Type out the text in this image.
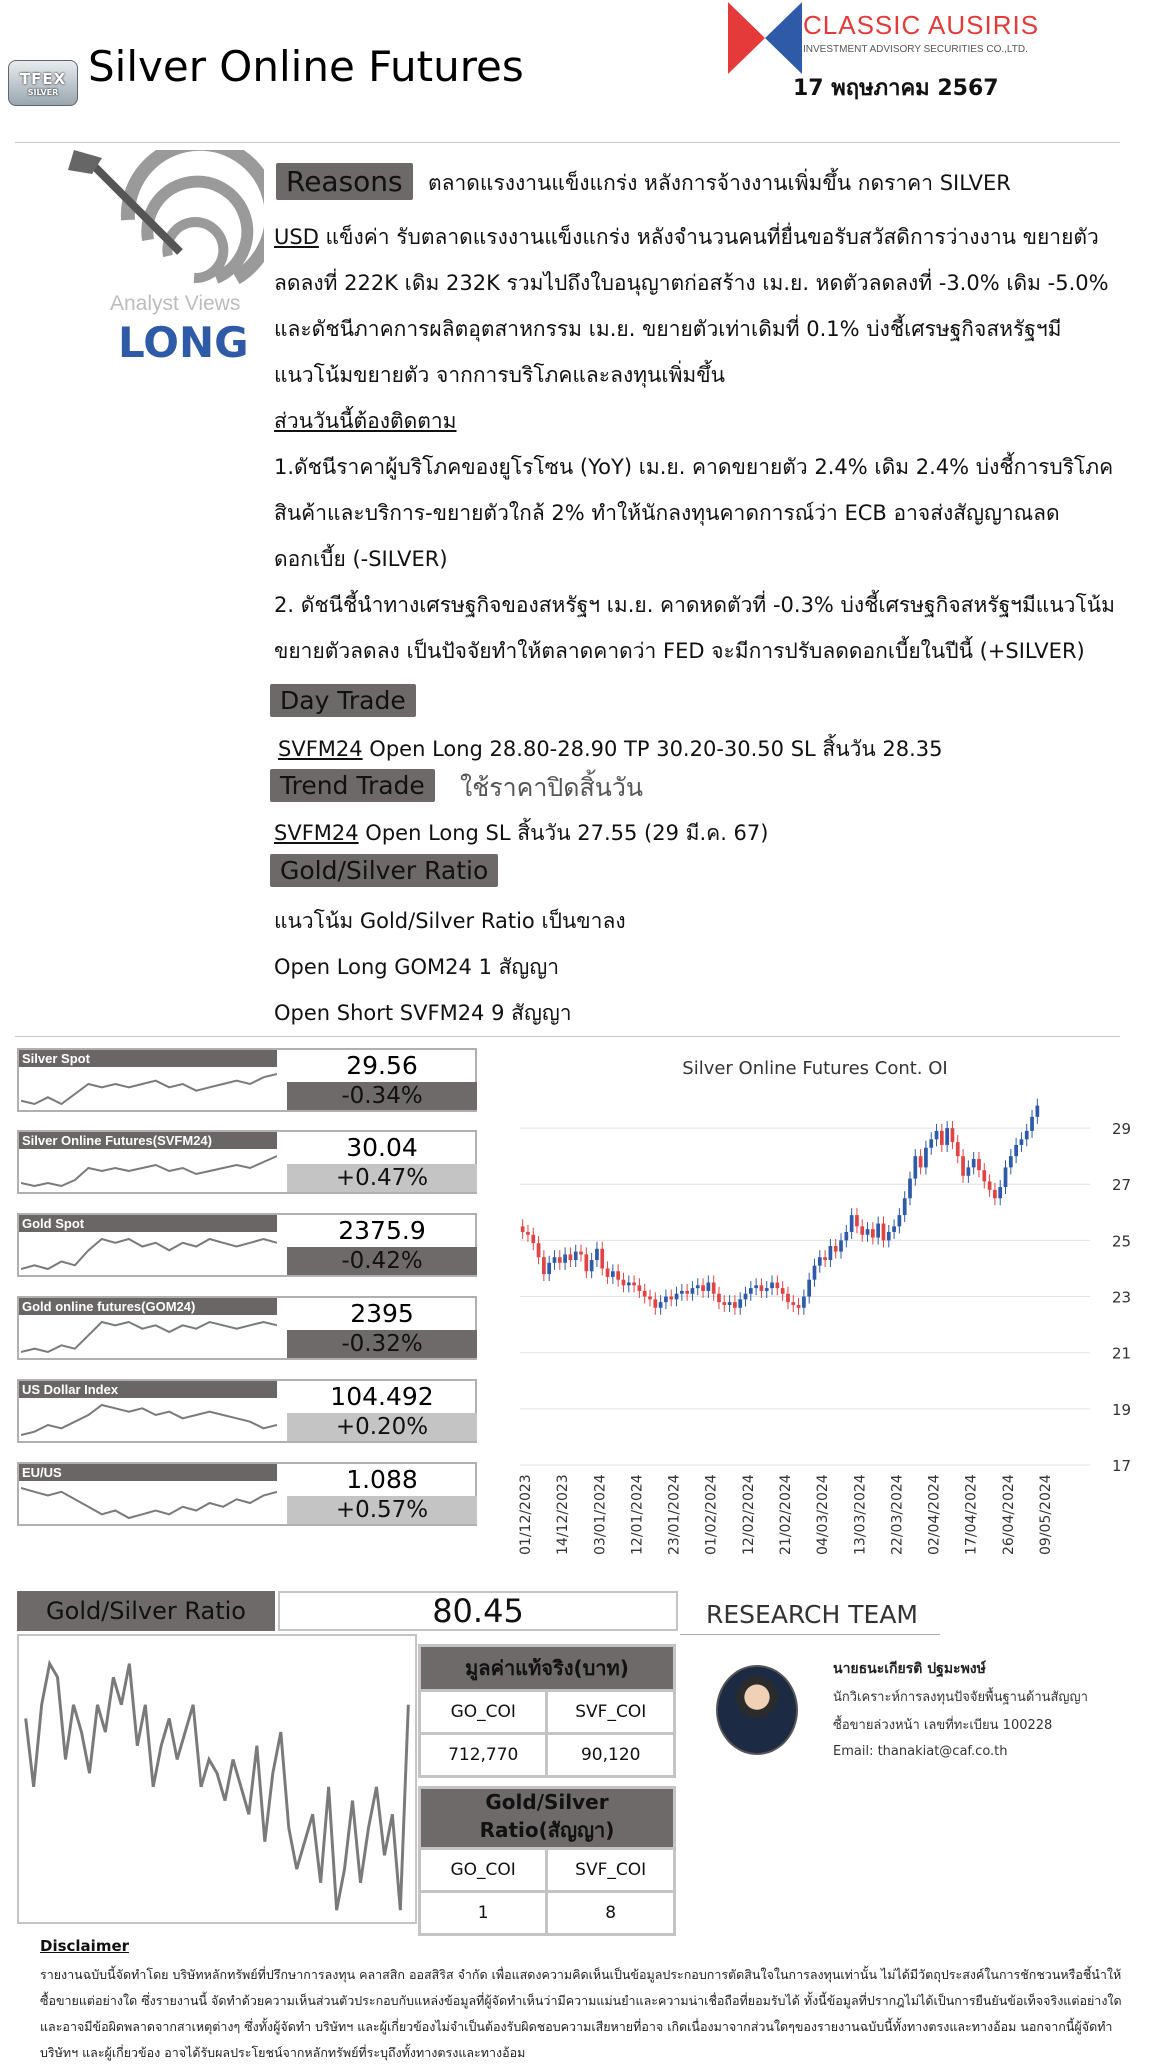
TFEX
SILVER
Silver Online Futures
CLASSIC AUSIRIS
INVESTMENT ADVISORY SECURITIES CO.,LTD.
17 พฤษภาคม 2567
Analyst Views
LONG
Reasons	ตลาดแรงงานแข็งแกร่ง หลังการจ้างงานเพิ่มขึ้น กดราคา SILVER
USD แข็งค่า รับตลาดแรงงานแข็งแกร่ง หลังจำนวนคนที่ยื่นขอรับสวัสดิการว่างงาน ขยายตัว
ลดลงที่ 222K เดิม 232K รวมไปถึงใบอนุญาตก่อสร้าง เม.ย. หดตัวลดลงที่ -3.0% เดิม -5.0%
และดัชนีภาคการผลิตอุตสาหกรรม เม.ย. ขยายตัวเท่าเดิมที่ 0.1% บ่งชี้เศรษฐกิจสหรัฐฯมี
แนวโน้มขยายตัว จากการบริโภคและลงทุนเพิ่มขึ้น
ส่วนวันนี้ต้องติดตาม
1.ดัชนีราคาผู้บริโภคของยูโรโซน (YoY) เม.ย. คาดขยายตัว 2.4% เดิม 2.4% บ่งชี้การบริโภค
สินค้าและบริการ-ขยายตัวใกล้ 2% ทำให้นักลงทุนคาดการณ์ว่า ECB อาจส่งสัญญาณลด
ดอกเบี้ย (-SILVER)
2. ดัชนีชี้นำทางเศรษฐกิจของสหรัฐฯ เม.ย. คาดหดตัวที่ -0.3% บ่งชี้เศรษฐกิจสหรัฐฯมีแนวโน้ม
ขยายตัวลดลง เป็นปัจจัยทำให้ตลาดคาดว่า FED จะมีการปรับลดดอกเบี้ยในปีนี้ (+SILVER)
Day Trade
SVFM24 Open Long 28.80-28.90 TP 30.20-30.50 SL สิ้นวัน 28.35
Trend Trade	ใช้ราคาปิดสิ้นวัน
SVFM24 Open Long SL สิ้นวัน 27.55 (29 มี.ค. 67)
Gold/Silver Ratio
แนวโน้ม Gold/Silver Ratio เป็นขาลง
Open Long GOM24 1 สัญญา
Open Short SVFM24 9 สัญญา
Silver Spot	29.56
-0.34%
Silver Online Futures(SVFM24)	30.04
+0.47%
Gold Spot	2375.9
-0.42%
Gold online futures(GOM24)	2395
-0.32%
US Dollar Index	104.492
+0.20%
EU/US	1.088
+0.57%
Silver Online Futures Cont. OI
17
19
21
23
25
27
29
01/12/2023 14/12/2023 03/01/2024 12/01/2024 23/01/2024 01/02/2024 12/02/2024 21/02/2024 04/03/2024 13/03/2024 22/03/2024 02/04/2024 17/04/2024 26/04/2024 09/05/2024
Gold/Silver Ratio	80.45
มูลค่าแท้จริง(บาท)	
GO_COI	SVF_COI
712,770	90,120
Gold/Silver Ratio(สัญญา)	
GO_COI	SVF_COI
1	8
RESEARCH TEAM
นายธนะเกียรติ ปฐมะพงษ์
นักวิเคราะห์การลงทุนปัจจัยพื้นฐานด้านสัญญา
ซื้อขายล่วงหน้า เลขที่ทะเบียน 100228
Email: thanakiat@caf.co.th
Disclaimer
รายงานฉบับนี้จัดทำโดย บริษัทหลักทรัพย์ที่ปรึกษาการลงทุน คลาสสิก ออสสิริส จำกัด เพื่อแสดงความคิดเห็นเป็นข้อมูลประกอบการตัดสินใจในการลงทุนเท่านั้น ไม่ได้มีวัตถุประสงค์ในการชักชวนหรือชี้นำให้ซื้อขายแต่อย่างใด ซึ่งรายงานนี้ จัดทำด้วยความเห็นส่วนตัวประกอบกับแหล่งข้อมูลที่ผู้จัดทำเห็นว่ามีความแม่นยำและความน่าเชื่อถือที่ยอมรับได้ ทั้งนี้ข้อมูลที่ปรากฎไม่ได้เป็นการยืนยันข้อเท็จจริงแต่อย่างใดและอาจมีข้อผิดพลาดจากสาเหตุต่างๆ ซึ่งทั้งผู้จัดทำ บริษัทฯ และผู้เกี่ยวข้องไม่จำเป็นต้องรับผิดชอบความเสียหายที่อาจ เกิดเนื่องมาจากส่วนใดๆของรายงานฉบับนี้ทั้งทางตรงและทางอ้อม นอกจากนี้ผู้จัดทำ บริษัทฯ และผู้เกี่ยวข้อง อาจได้รับผลประโยชน์จากหลักทรัพย์ที่ระบุถึงทั้งทางตรงและทางอ้อม
